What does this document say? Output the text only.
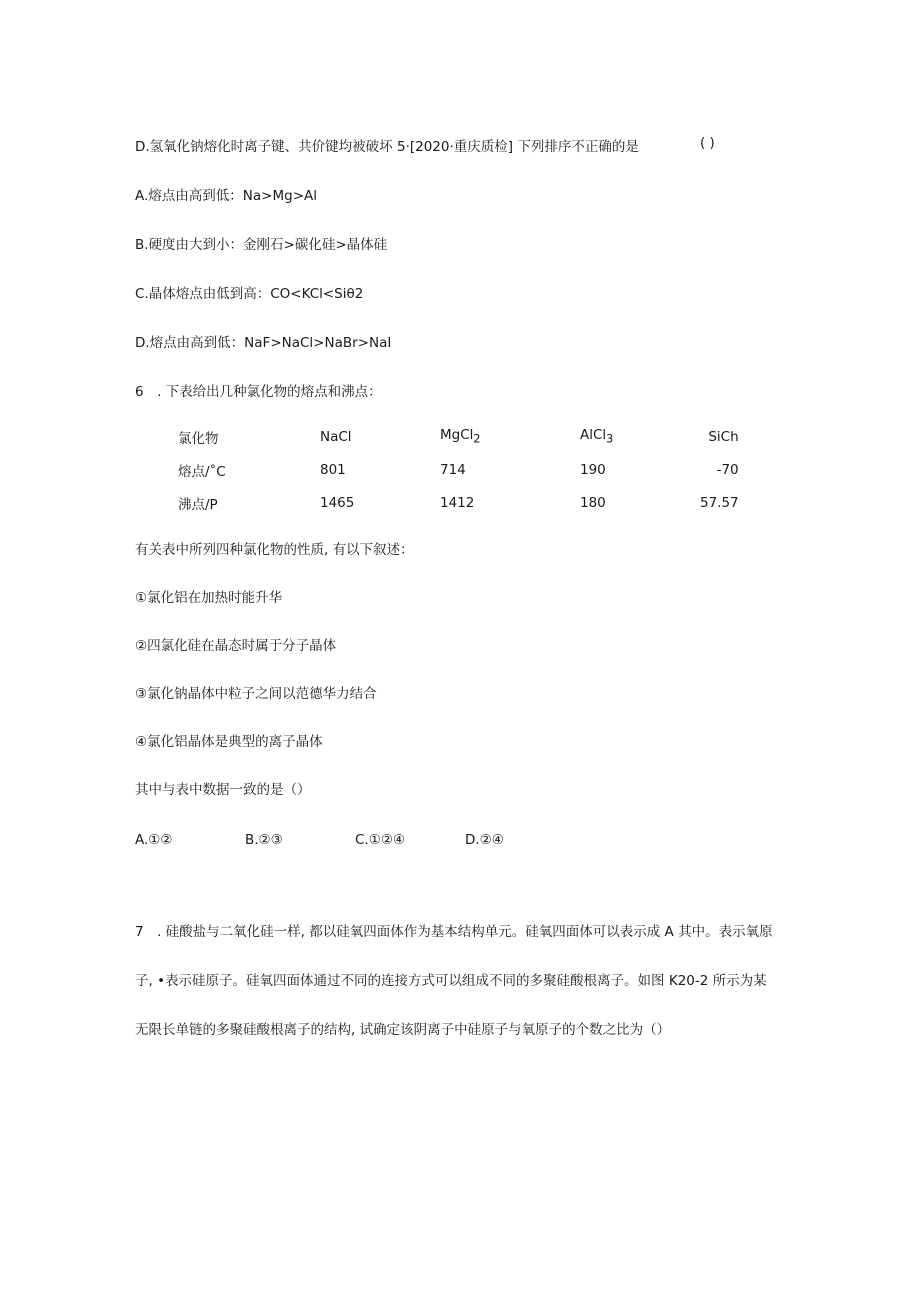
D.氢氧化钠熔化时离子键、共价键均被破坏 5·[2020·重庆质检] 下列排序不正确的是	( )
A.熔点由高到低：Na>Mg>Al
B.硬度由大到小：金刚石>碳化硅>晶体硅
C.晶体熔点由低到高：CO<KCl<Siθ2
D.熔点由高到低：NaF>NaCl>NaBr>NaI
6　. 下表给出几种氯化物的熔点和沸点：
氯化物	NaCl	MgCl$_2$	AlCl$_3$	SiCh
熔点/˚C	801	714	190	-70
沸点/P	1465	1412	180	57.57
有关表中所列四种氯化物的性质, 有以下叙述：
①氯化铝在加热时能升华
②四氯化硅在晶态时属于分子晶体
③氯化钠晶体中粒子之间以范德华力结合
④氯化铝晶体是典型的离子晶体
其中与表中数据一致的是（）
A.①②	B.②③	C.①②④	D.②④
7　. 硅酸盐与二氧化硅一样, 都以硅氧四面体作为基本结构单元。硅氧四面体可以表示成 A 其中。表示氧原
子, •表示硅原子。硅氧四面体通过不同的连接方式可以组成不同的多聚硅酸根离子。如图 K20-2 所示为某
无限长单链的多聚硅酸根离子的结构, 试确定该阴离子中硅原子与氧原子的个数之比为（）
